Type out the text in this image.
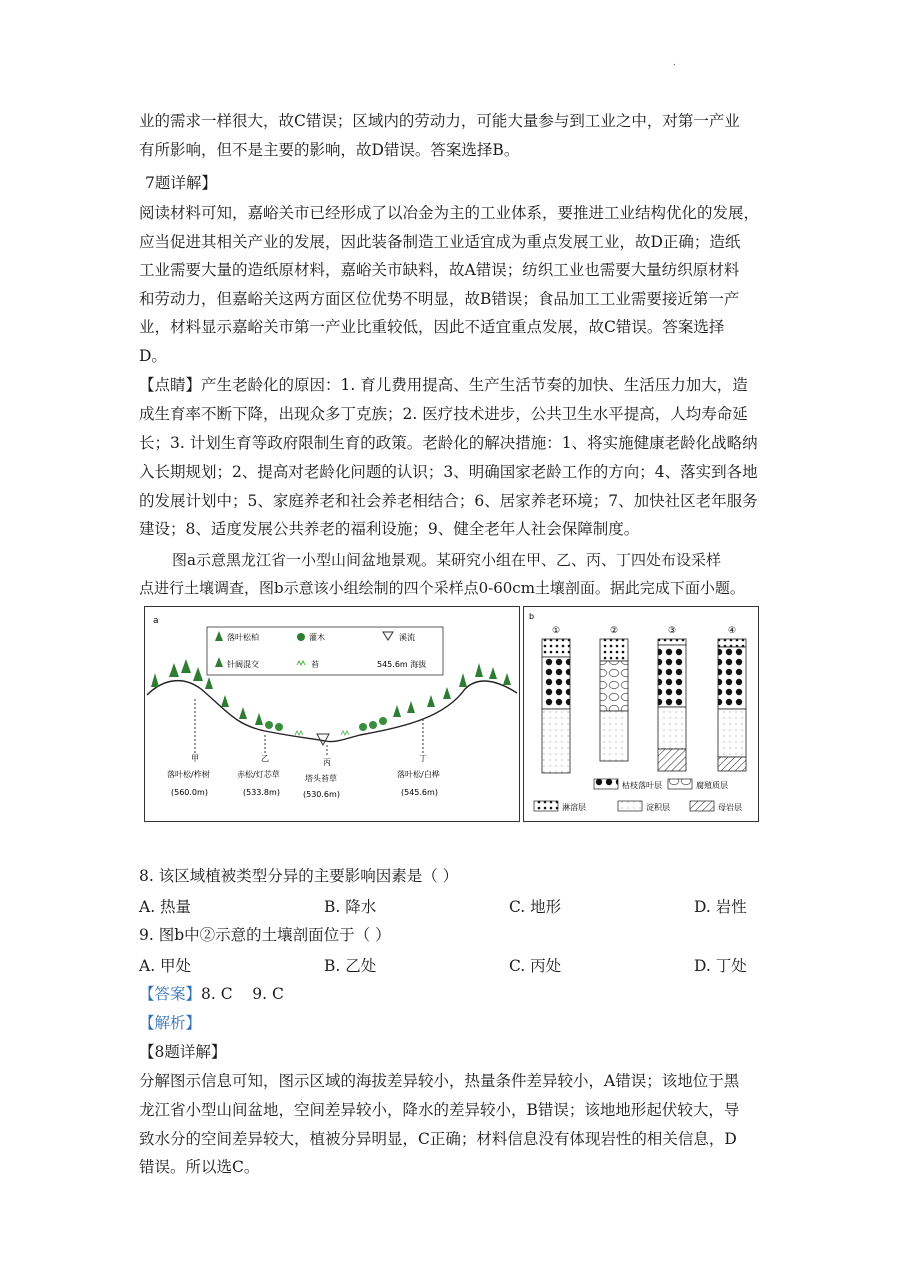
.

业的需求一样很大，故C错误；区域内的劳动力，可能大量参与到工业之中，对第一产业

有所影响，但不是主要的影响，故D错误。答案选择B。

7题详解】

阅读材料可知，嘉峪关市已经形成了以冶金为主的工业体系，要推进工业结构优化的发展，

应当促进其相关产业的发展，因此装备制造工业适宜成为重点发展工业，故D正确；造纸

工业需要大量的造纸原材料，嘉峪关市缺料，故A错误；纺织工业也需要大量纺织原材料

和劳动力，但嘉峪关这两方面区位优势不明显，故B错误；食品加工工业需要接近第一产

业，材料显示嘉峪关市第一产业比重较低，因此不适宜重点发展，故C错误。答案选择

D。

【点睛】产生老龄化的原因：1. 育儿费用提高、生产生活节奏的加快、生活压力加大，造

成生育率不断下降，出现众多丁克族；2. 医疗技术进步，公共卫生水平提高，人均寿命延

长；3. 计划生育等政府限制生育的政策。老龄化的解决措施：1、将实施健康老龄化战略纳

入长期规划；2、提高对老龄化问题的认识；3、明确国家老龄工作的方向；4、落实到各地

的发展计划中；5、家庭养老和社会养老相结合；6、居家养老环境；7、加快社区老年服务

建设；8、适度发展公共养老的福利设施；9、健全老年人社会保障制度。

图a示意黑龙江省一小型山间盆地景观。某研究小组在甲、乙、丙、丁四处布设采样

点进行土壤调查，图b示意该小组绘制的四个采样点0-60cm土壤剖面。据此完成下面小题。

a
落叶松柏	灌木	溪流
针阔混交	苔	545.6m 海拔
甲
落叶松/柞树
(560.0m)
乙
赤松/灯芯草
(533.8m)
丙
塔头苔草
(530.6m)
丁
落叶松/白桦
(545.6m)
b
①	②	③	④
枯枝落叶层	腐殖质层
淋溶层	淀积层	母岩层

8. 该区域植被类型分异的主要影响因素是（ ）

A. 热量	B. 降水	C. 地形	D. 岩性

9. 图b中②示意的土壤剖面位于（ ）

A. 甲处	B. 乙处	C. 丙处	D. 丁处

【答案】8. C    9. C

【解析】

【8题详解】

分解图示信息可知，图示区域的海拔差异较小，热量条件差异较小，A错误；该地位于黑

龙江省小型山间盆地，空间差异较小，降水的差异较小，B错误；该地地形起伏较大，导

致水分的空间差异较大，植被分异明显，C正确；材料信息没有体现岩性的相关信息，D

错误。所以选C。
